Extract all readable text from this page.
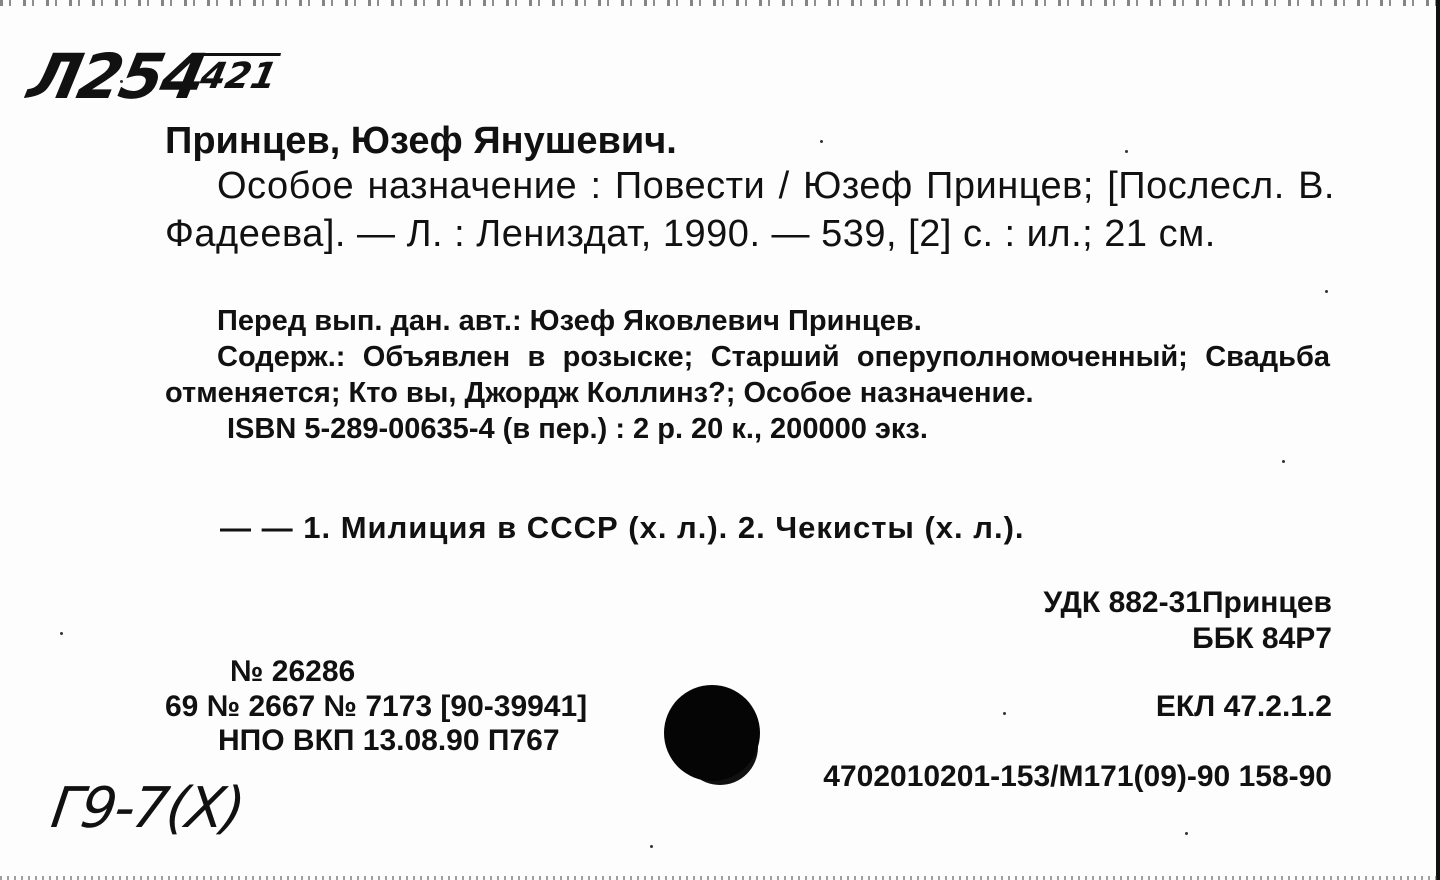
Л254421
Принцев, Юзеф Янушевич.
Особое назначение : Повести / Юзеф Принцев; [Послесл. В. Фадеева]. — Л. : Лениздат, 1990. — 539, [2] с. : ил.; 21 см.
Перед вып. дан. авт.: Юзеф Яковлевич Принцев.
Содерж.: Объявлен в розыске; Старший оперуполномоченный; Свадьба отменяется; Кто вы, Джордж Коллинз?; Особое назначение.
ISBN 5-289-00635-4 (в пер.) : 2 р. 20 к., 200000 экз.
— — 1. Милиция в СССР (х. л.). 2. Чекисты (х. л.).
УДК 882-31Принцев
ББК 84Р7
ЕКЛ 47.2.1.2
4702010201-153/М171(09)-90 158-90
№ 26286
69 № 2667 № 7173 [90-39941]
НПО ВКП 13.08.90 П767
Г9-7(Х)
